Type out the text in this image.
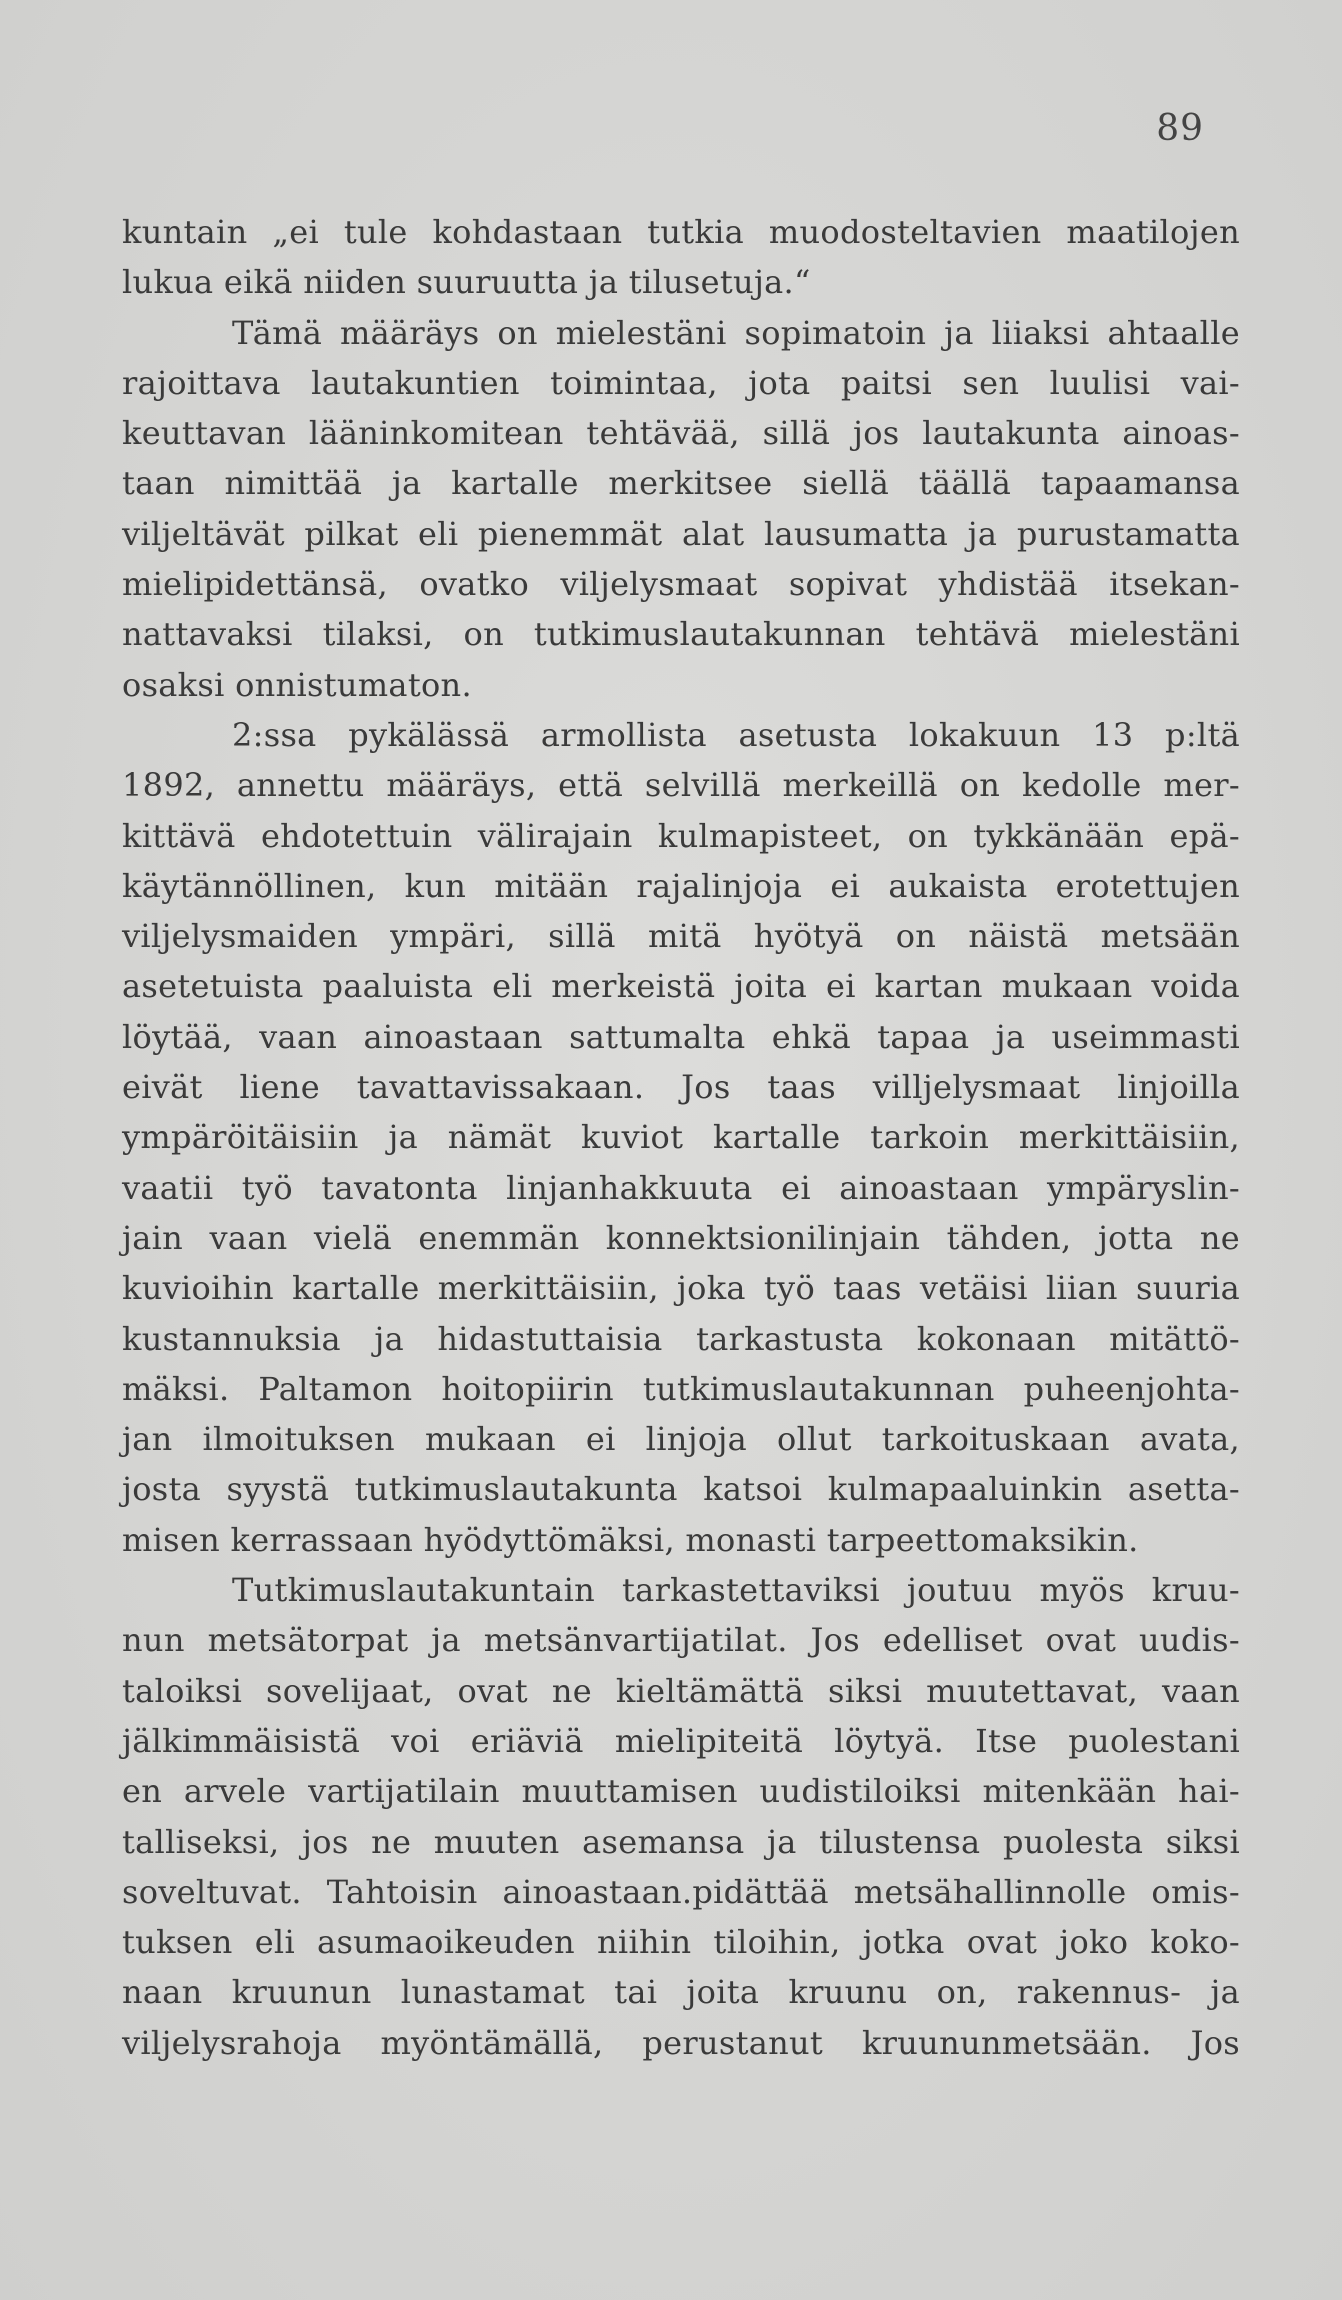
89
kuntain „ei tule kohdastaan tutkia muodosteltavien maatilojen
lukua eikä niiden suuruutta ja tilusetuja.“
Tämä määräys on mielestäni sopimatoin ja liiaksi ahtaalle
rajoittava lautakuntien toimintaa, jota paitsi sen luulisi vai-
keuttavan lääninkomitean tehtävää, sillä jos lautakunta ainoas-
taan nimittää ja kartalle merkitsee siellä täällä tapaamansa
viljeltävät pilkat eli pienemmät alat lausumatta ja purustamatta
mielipidettänsä, ovatko viljelysmaat sopivat yhdistää itsekan-
nattavaksi tilaksi, on tutkimuslautakunnan tehtävä mielestäni
osaksi onnistumaton.
2:ssa pykälässä armollista asetusta lokakuun 13 p:ltä
1892, annettu määräys, että selvillä merkeillä on kedolle mer-
kittävä ehdotettuin välirajain kulmapisteet, on tykkänään epä-
käytännöllinen, kun mitään rajalinjoja ei aukaista erotettujen
viljelysmaiden ympäri, sillä mitä hyötyä on näistä metsään
asetetuista paaluista eli merkeistä joita ei kartan mukaan voida
löytää, vaan ainoastaan sattumalta ehkä tapaa ja useimmasti
eivät liene tavattavissakaan. Jos taas villjelysmaat linjoilla
ympäröitäisiin ja nämät kuviot kartalle tarkoin merkittäisiin,
vaatii työ tavatonta linjanhakkuuta ei ainoastaan ympäryslin-
jain vaan vielä enemmän konnektsionilinjain tähden, jotta ne
kuvioihin kartalle merkittäisiin, joka työ taas vetäisi liian suuria
kustannuksia ja hidastuttaisia tarkastusta kokonaan mitättö-
mäksi. Paltamon hoitopiirin tutkimuslautakunnan puheenjohta-
jan ilmoituksen mukaan ei linjoja ollut tarkoituskaan avata,
josta syystä tutkimuslautakunta katsoi kulmapaaluinkin asetta-
misen kerrassaan hyödyttömäksi, monasti tarpeettomaksikin.
Tutkimuslautakuntain tarkastettaviksi joutuu myös kruu-
nun metsätorpat ja metsänvartijatilat. Jos edelliset ovat uudis-
taloiksi sovelijaat, ovat ne kieltämättä siksi muutettavat, vaan
jälkimmäisistä voi eriäviä mielipiteitä löytyä. Itse puolestani
en arvele vartijatilain muuttamisen uudistiloiksi mitenkään hai-
talliseksi, jos ne muuten asemansa ja tilustensa puolesta siksi
soveltuvat. Tahtoisin ainoastaan.pidättää metsähallinnolle omis-
tuksen eli asumaoikeuden niihin tiloihin, jotka ovat joko koko-
naan kruunun lunastamat tai joita kruunu on, rakennus- ja
viljelysrahoja myöntämällä, perustanut kruununmetsään. Jos
